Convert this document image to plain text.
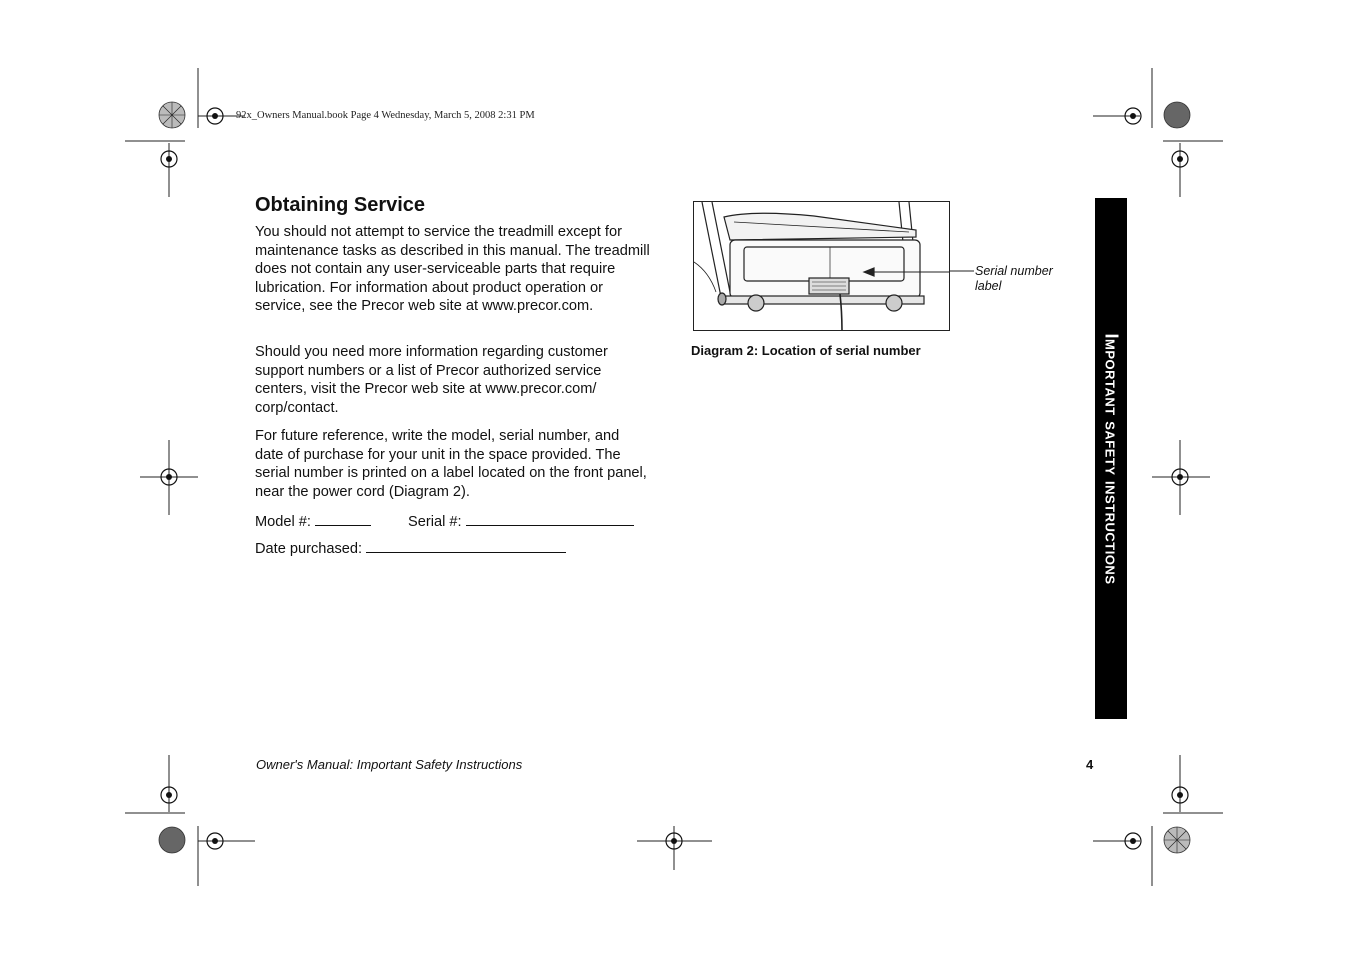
92x_Owners Manual.book Page 4 Wednesday, March 5, 2008 2:31 PM
Obtaining Service

You should not attempt to service the treadmill except for maintenance tasks as described in this manual. The treadmill does not contain any user-serviceable parts that require lubrication. For information about product operation or service, see the Precor web site at www.precor.com.

Should you need more information regarding customer support numbers or a list of Precor authorized service centers, visit the Precor web site at www.precor.com/ corp/contact.

For future reference, write the model, serial number, and date of purchase for your unit in the space provided. The serial number is printed on a label located on the front panel, near the power cord (Diagram 2).

Model #:	Serial #:
Date purchased:
Serial number
label
Diagram 2: Location of serial number
Important safety instructions
Owner's Manual: Important Safety Instructions	4
